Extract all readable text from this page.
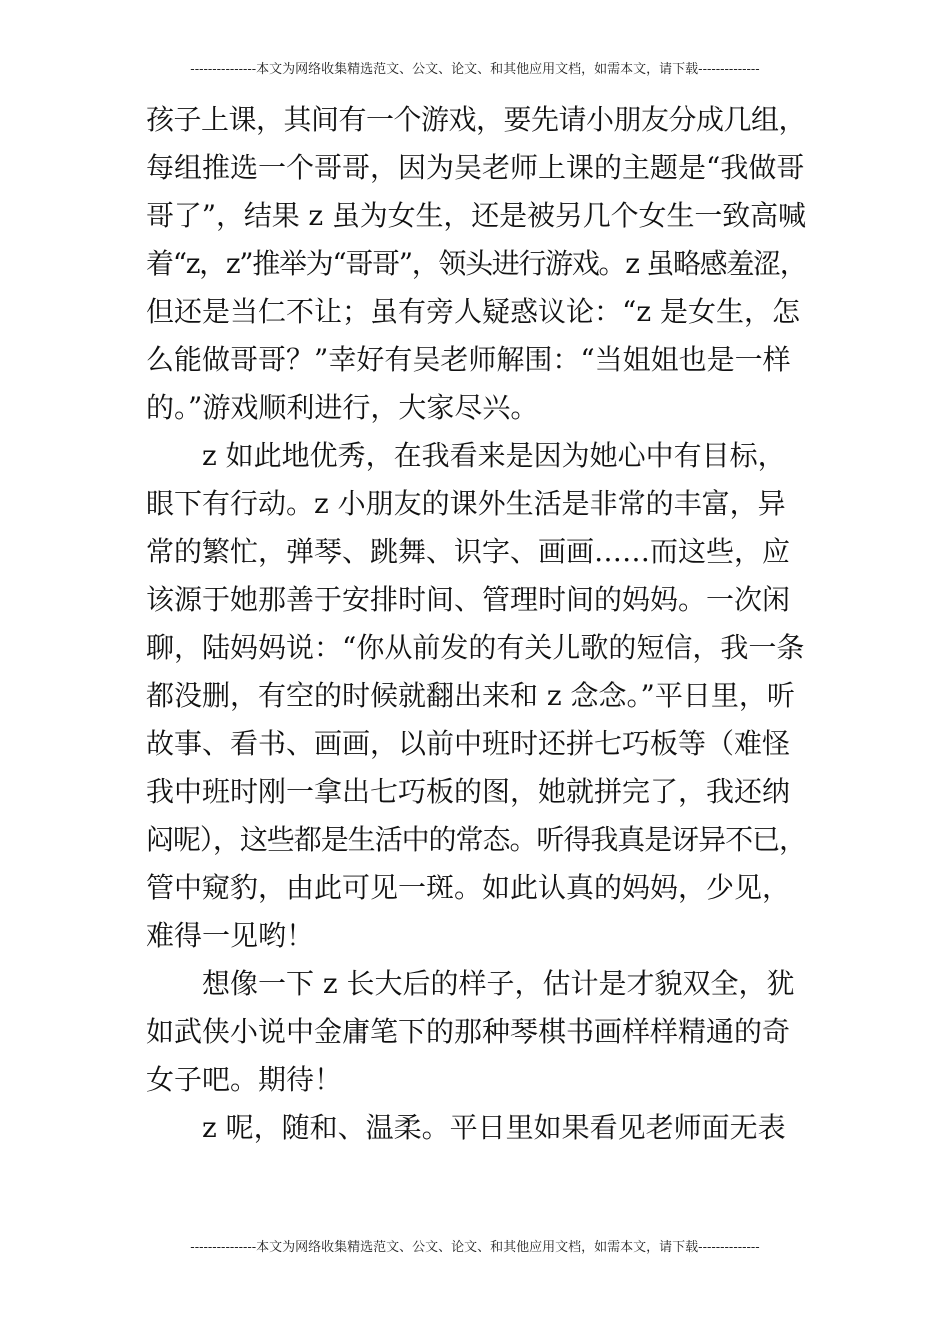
---------------本文为网络收集精选范文、公文、论文、和其他应用文档，如需本文，请下载--------------
孩子上课，其间有一个游戏，要先请小朋友分成几组，
每组推选一个哥哥，因为吴老师上课的主题是“我做哥
哥了”，结果 z 虽为女生，还是被另几个女生一致高喊
着“z，z”推举为“哥哥”，领头进行游戏。z 虽略感羞涩，
但还是当仁不让；虽有旁人疑惑议论：“z 是女生，怎
么能做哥哥？”幸好有吴老师解围：“当姐姐也是一样
的。”游戏顺利进行，大家尽兴。
z 如此地优秀，在我看来是因为她心中有目标，
眼下有行动。z 小朋友的课外生活是非常的丰富，异
常的繁忙，弹琴、跳舞、识字、画画……而这些，应
该源于她那善于安排时间、管理时间的妈妈。一次闲
聊，陆妈妈说：“你从前发的有关儿歌的短信，我一条
都没删，有空的时候就翻出来和 z 念念。”平日里，听
故事、看书、画画，以前中班时还拼七巧板等（难怪
我中班时刚一拿出七巧板的图，她就拼完了，我还纳
闷呢），这些都是生活中的常态。听得我真是讶异不已，
管中窥豹，由此可见一斑。如此认真的妈妈，少见，
难得一见哟！
想像一下 z 长大后的样子，估计是才貌双全，犹
如武侠小说中金庸笔下的那种琴棋书画样样精通的奇
女子吧。期待！
z 呢，随和、温柔。平日里如果看见老师面无表
---------------本文为网络收集精选范文、公文、论文、和其他应用文档，如需本文，请下载--------------
